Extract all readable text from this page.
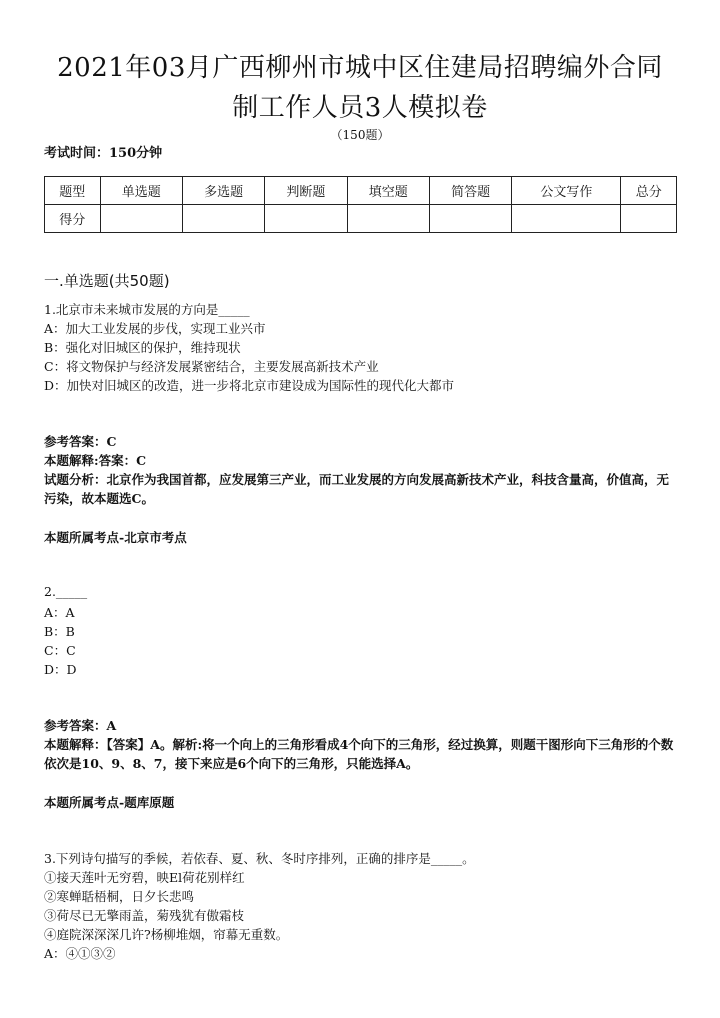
2021年03月广西柳州市城中区住建局招聘编外合同
制工作人员3人模拟卷
（150题）
考试时间：150分钟
题型	单选题	多选题	判断题	填空题	简答题	公文写作	总分
得分							
一.单选题(共50题)
1.北京市未来城市发展的方向是_____
A：加大工业发展的步伐，实现工业兴市
B：强化对旧城区的保护，维持现状
C：将文物保护与经济发展紧密结合，主要发展高新技术产业
D：加快对旧城区的改造，进一步将北京市建设成为国际性的现代化大都市
参考答案：C
本题解释:答案：C
试题分析：北京作为我国首都，应发展第三产业，而工业发展的方向发展高新技术产业，科技含量高，价值高，无污染，故本题选C。
本题所属考点-北京市考点
2._____
A：A
B：B
C：C
D：D
参考答案：A
本题解释：【答案】A。解析:将一个向上的三角形看成4个向下的三角形，经过换算，则题干图形向下三角形的个数依次是10、9、8、7，接下来应是6个向下的三角形，只能选择A。
本题所属考点-题库原题
3.下列诗句描写的季候，若依春、夏、秋、冬时序排列，正确的排序是_____。
①接天莲叶无穷碧，映El荷花别样红
②寒蝉聒梧桐，日夕长悲鸣
③荷尽已无擎雨盖，菊残犹有傲霜枝
④庭院深深深几许?杨柳堆烟，帘幕无重数。
A：④①③②
